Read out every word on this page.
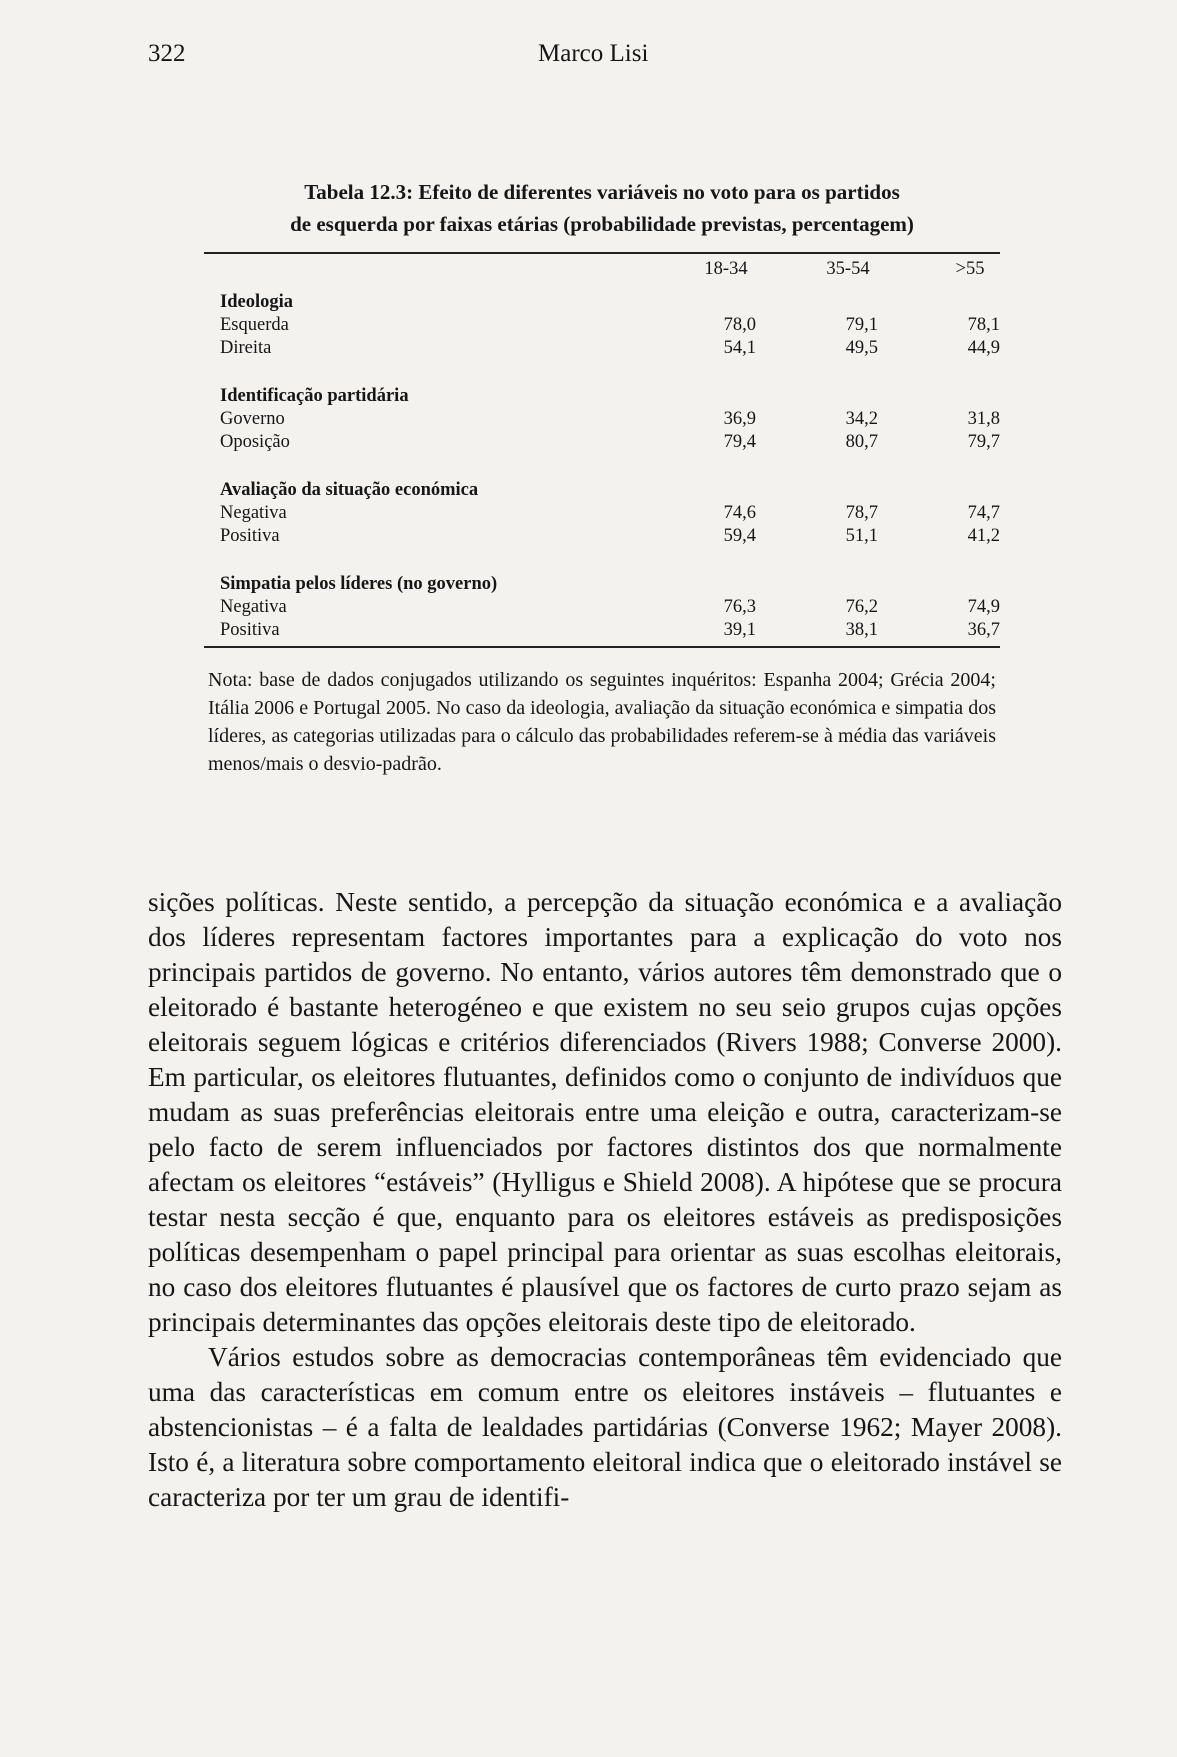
322	Marco Lisi

Tabela 12.3: Efeito de diferentes variáveis no voto para os partidos
de esquerda por faixas etárias (probabilidade previstas, percentagem)

	18-34		35-54		>55
Ideologia					
Esquerda	78,0		79,1		78,1
Direita	54,1		49,5		44,9
Identificação partidária					
Governo	36,9		34,2		31,8
Oposição	79,4		80,7		79,7
Avaliação da situação económica					
Negativa	74,6		78,7		74,7
Positiva	59,4		51,1		41,2
Simpatia pelos líderes (no governo)					
Negativa	76,3		76,2		74,9
Positiva	39,1		38,1		36,7

Nota: base de dados conjugados utilizando os seguintes inquéritos: Espanha 2004; Grécia 2004; Itália 2006 e Portugal 2005. No caso da ideologia, avaliação da situação económica e simpatia dos líderes, as categorias utilizadas para o cálculo das probabilidades referem-se à média das variáveis menos/mais o desvio-padrão.

sições políticas. Neste sentido, a percepção da situação económica e a avaliação dos líderes representam factores importantes para a explicação do voto nos principais partidos de governo. No entanto, vários autores têm demonstrado que o eleitorado é bastante heterogéneo e que existem no seu seio grupos cujas opções eleitorais seguem lógicas e critérios diferenciados (Rivers 1988; Converse 2000). Em particular, os eleitores flutuantes, definidos como o conjunto de indivíduos que mudam as suas preferências eleitorais entre uma eleição e outra, caracterizam-se pelo facto de serem influenciados por factores distintos dos que normalmente afectam os eleitores “estáveis” (Hylligus e Shield 2008). A hipótese que se procura testar nesta secção é que, enquanto para os eleitores estáveis as predisposições políticas desempenham o papel principal para orientar as suas escolhas eleitorais, no caso dos eleitores flutuantes é plausível que os factores de curto prazo sejam as principais determinantes das opções eleitorais deste tipo de eleitorado.

Vários estudos sobre as democracias contemporâneas têm evidenciado que uma das características em comum entre os eleitores instáveis – flutuantes e abstencionistas – é a falta de lealdades partidárias (Converse 1962; Mayer 2008). Isto é, a literatura sobre comportamento eleitoral indica que o eleitorado instável se caracteriza por ter um grau de identifi-
